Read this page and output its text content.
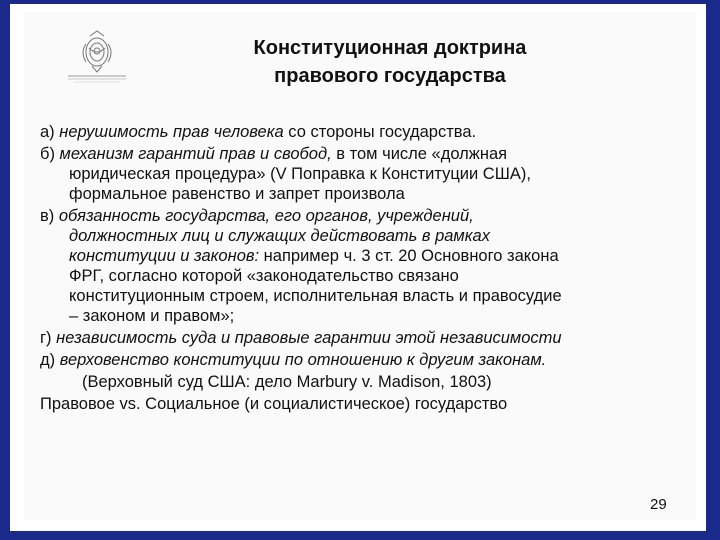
Конституционная доктрина
правового государства
а) нерушимость прав человека со стороны государства.
б) механизм гарантий прав и свобод, в том числе «должная
юридическая процедура» (V Поправка к Конституции США),
формальное равенство и запрет произвола
в) обязанность государства, его органов, учреждений,
должностных лиц и служащих действовать в рамках
конституции и законов: например ч. 3 ст. 20 Основного закона
ФРГ, согласно которой «законодательство связано
конституционным строем, исполнительная власть и правосудие
– законом и правом»;
г) независимость суда и правовые гарантии этой независимости
д) верховенство конституции по отношению к другим законам.
(Верховный суд США: дело Marbury v. Madison, 1803)
Правовое vs. Социальное (и социалистическое) государство
29
